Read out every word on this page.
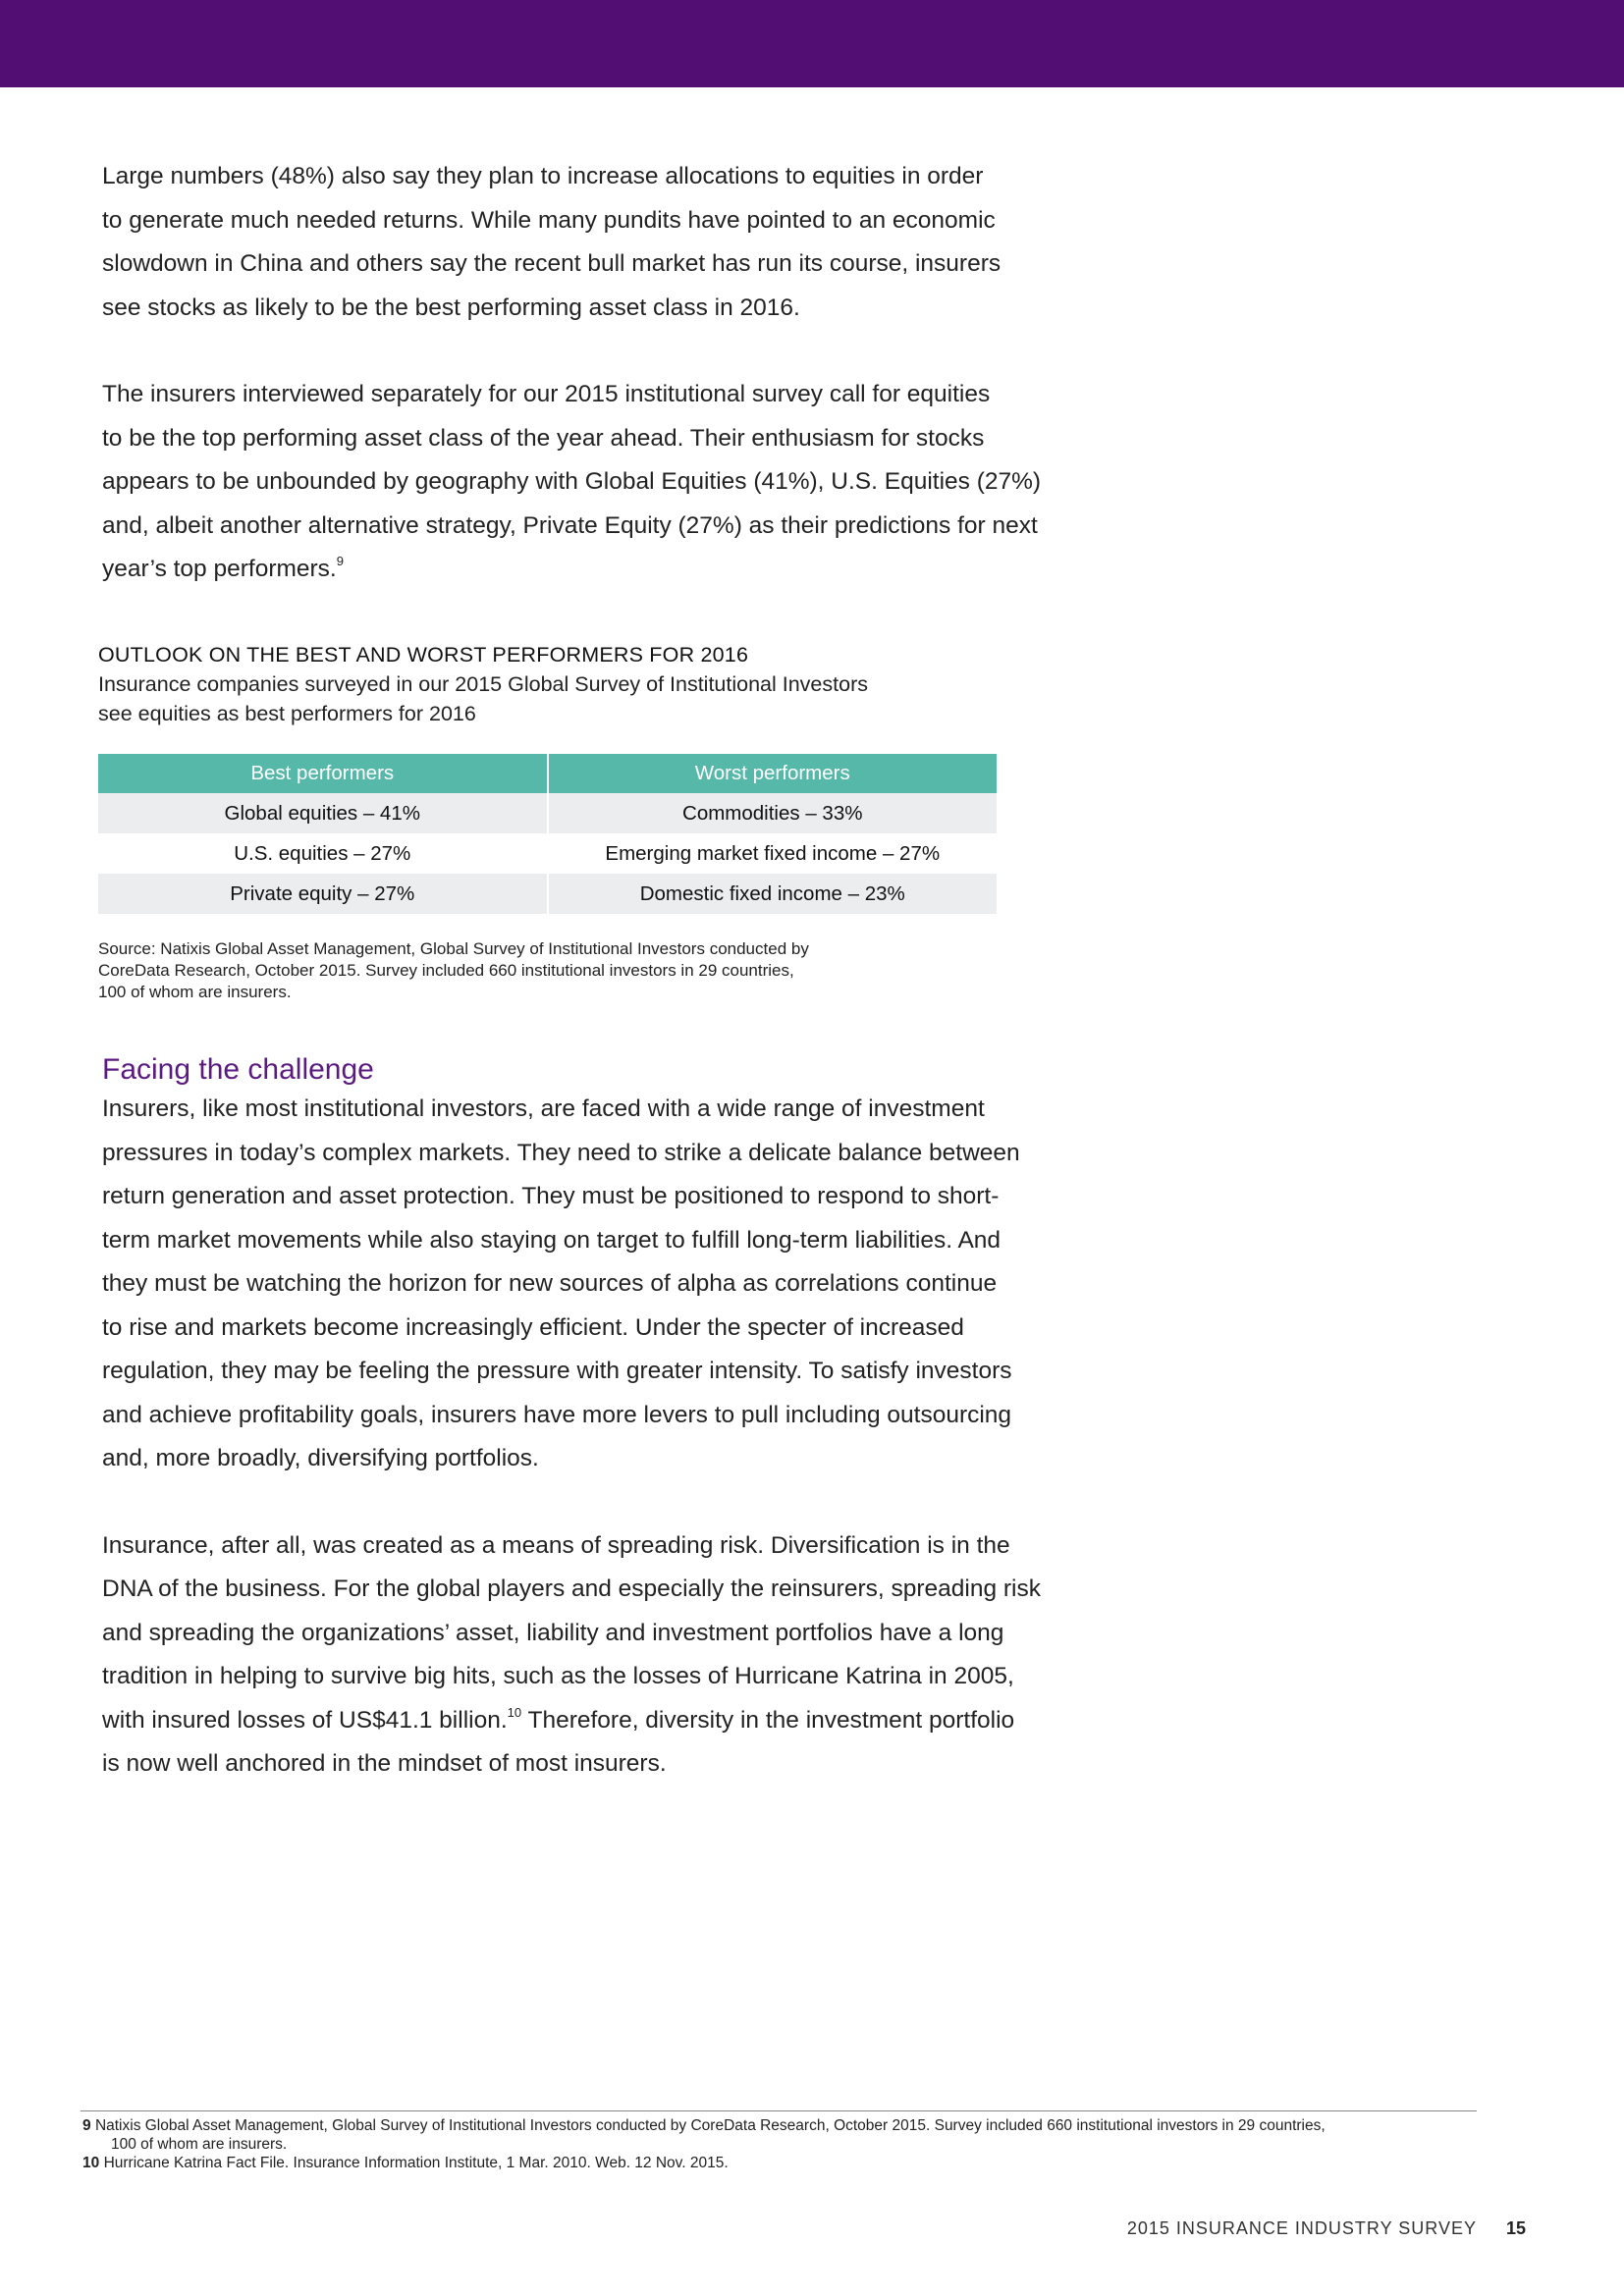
Large numbers (48%) also say they plan to increase allocations to equities in order

to generate much needed returns. While many pundits have pointed to an economic

slowdown in China and others say the recent bull market has run its course, insurers

see stocks as likely to be the best performing asset class in 2016.

The insurers interviewed separately for our 2015 institutional survey call for equities

to be the top performing asset class of the year ahead. Their enthusiasm for stocks

appears to be unbounded by geography with Global Equities (41%), U.S. Equities (27%)

and, albeit another alternative strategy, Private Equity (27%) as their predictions for next

year’s top performers.$^9$

OUTLOOK ON THE BEST AND WORST PERFORMERS FOR 2016
Insurance companies surveyed in our 2015 Global Survey of Institutional Investors
see equities as best performers for 2016
Best performers	Worst performers
Global equities – 41%	Commodities – 33%
U.S. equities – 27%	Emerging market fixed income – 27%
Private equity – 27%	Domestic fixed income – 23%
Source: Natixis Global Asset Management, Global Survey of Institutional Investors conducted by
CoreData Research, October 2015. Survey included 660 institutional investors in 29 countries,
100 of whom are insurers.
Facing the challenge

Insurers, like most institutional investors, are faced with a wide range of investment

pressures in today’s complex markets. They need to strike a delicate balance between

return generation and asset protection. They must be positioned to respond to short-

term market movements while also staying on target to fulfill long-term liabilities. And

they must be watching the horizon for new sources of alpha as correlations continue

to rise and markets become increasingly efficient. Under the specter of increased

regulation, they may be feeling the pressure with greater intensity. To satisfy investors

and achieve profitability goals, insurers have more levers to pull including outsourcing

and, more broadly, diversifying portfolios.

Insurance, after all, was created as a means of spreading risk. Diversification is in the

DNA of the business. For the global players and especially the reinsurers, spreading risk

and spreading the organizations’ asset, liability and investment portfolios have a long

tradition in helping to survive big hits, such as the losses of Hurricane Katrina in 2005,

with insured losses of US$41.1 billion.$^{10}$ Therefore, diversity in the investment portfolio

is now well anchored in the mindset of most insurers.

9 Natixis Global Asset Management, Global Survey of Institutional Investors conducted by CoreData Research, October 2015. Survey included 660 institutional investors in 29 countries,
100 of whom are insurers.
10 Hurricane Katrina Fact File. Insurance Information Institute, 1 Mar. 2010. Web. 12 Nov. 2015.
2015 INSURANCE INDUSTRY SURVEY 15
